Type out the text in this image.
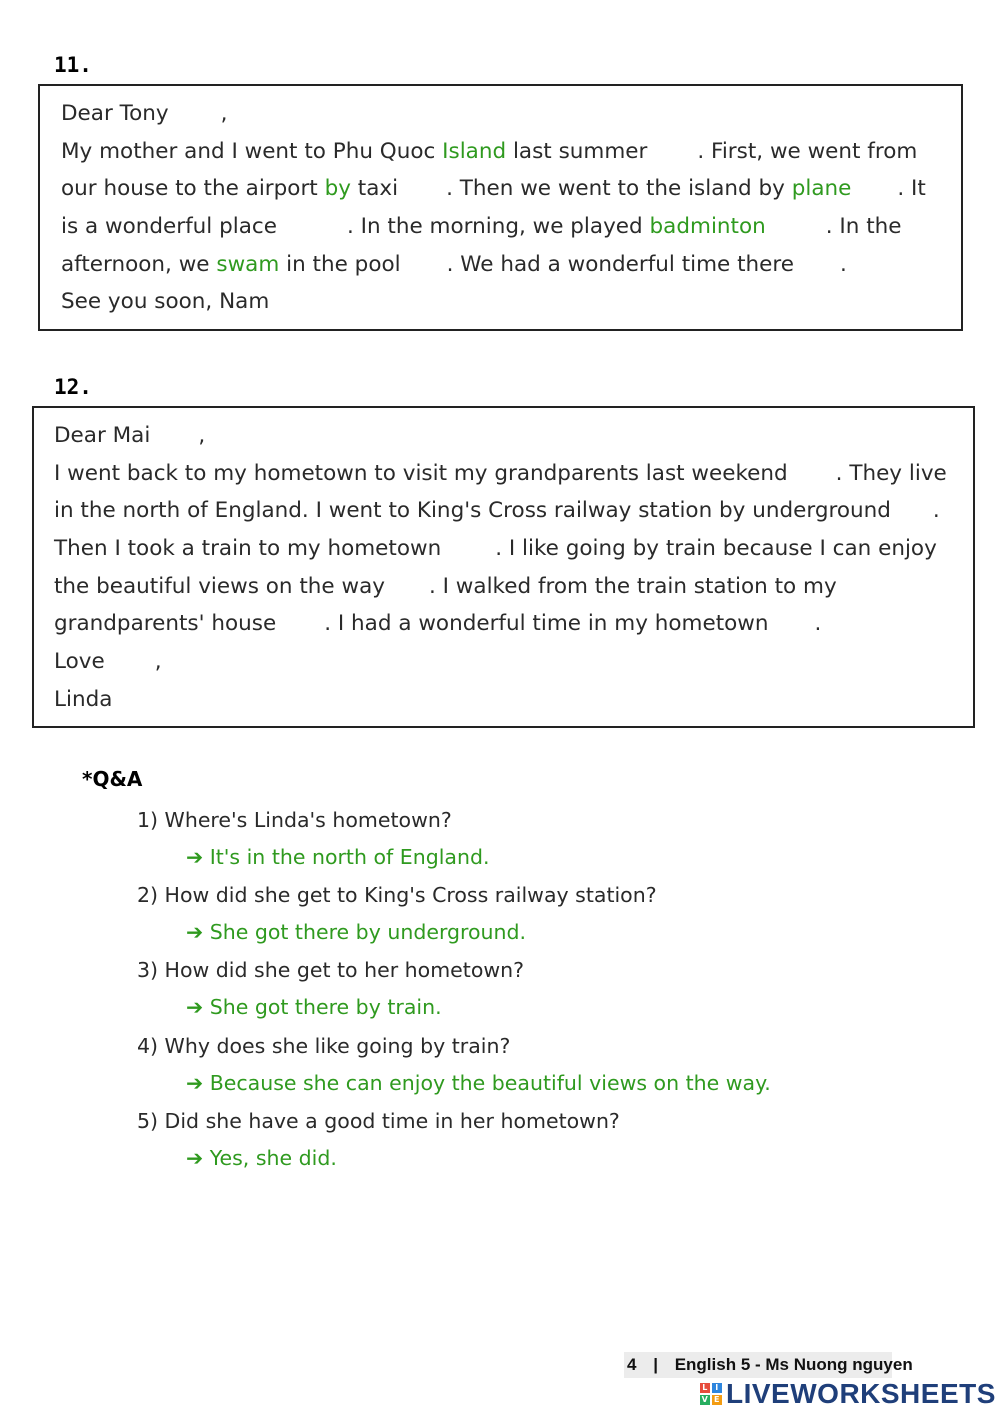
11.
Dear Tony ,
My mother and I went to Phu Quoc Island last summer . First, we went from
our house to the airport by taxi . Then we went to the island by plane . It
is a wonderful place	. In the morning, we played badminton	. In the
afternoon, we swam in the pool . We had a wonderful time there .
See you soon, Nam
12.
Dear Mai ,
I went back to my hometown to visit my grandparents last weekend . They live
in the north of England. I went to King's Cross railway station by underground .
Then I took a train to my hometown	. I like going by train because I can enjoy
the beautiful views on the way . I walked from the train station to my
grandparents' house . I had a wonderful time in my hometown .
Love ,
Linda
*Q&A
1) Where's Linda's hometown?
➔ It's in the north of England.
2) How did she get to King's Cross railway station?
➔ She got there by underground.
3) How did she get to her hometown?
➔ She got there by train.
4) Why does she like going by train?
➔ Because she can enjoy the beautiful views on the way.
5) Did she have a good time in her hometown?
➔ Yes, she did.
4 | English 5 - Ms Nuong nguyen
L I
V E LIVEWORKSHEETS
